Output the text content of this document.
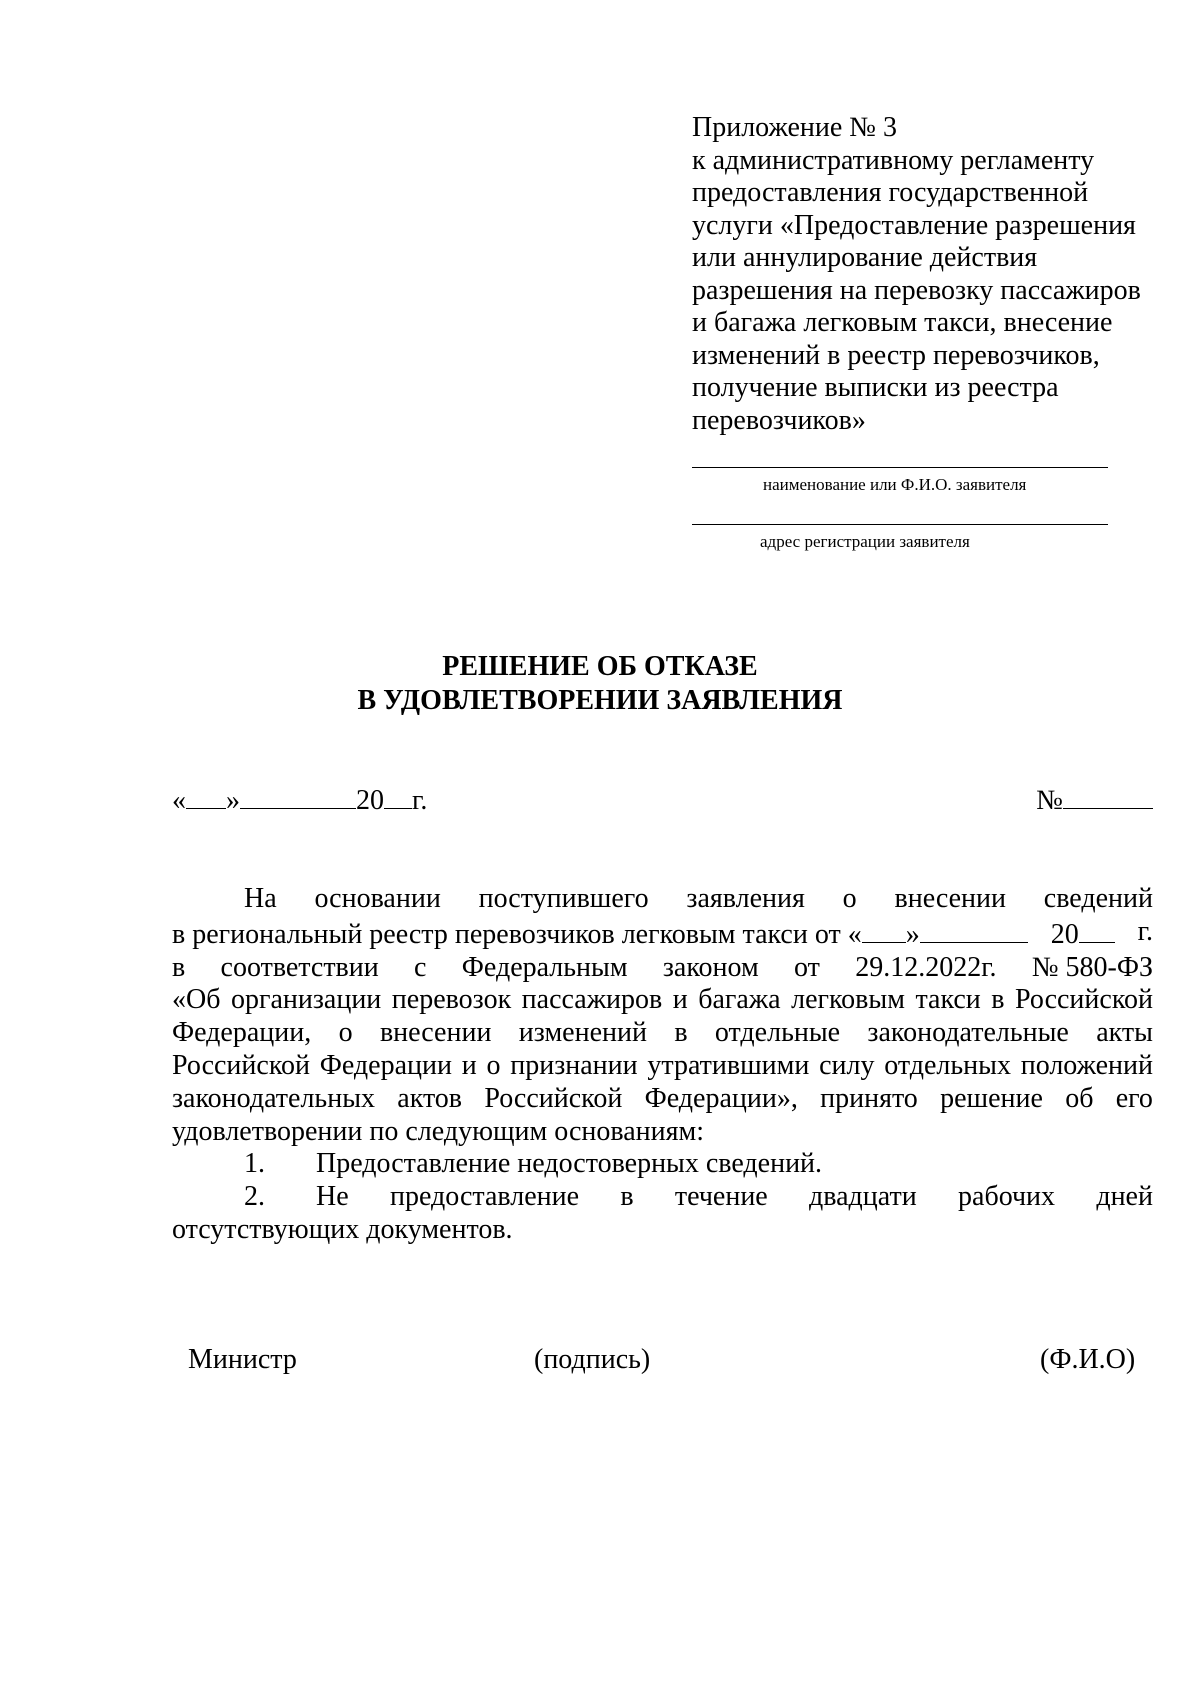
Приложение № 3
к административному регламенту
предоставления государственной
услуги «Предоставление разрешения
или аннулирование действия
разрешения на перевозку пассажиров
и багажа легковым такси, внесение
изменений в реестр перевозчиков,
получение выписки из реестра
перевозчиков»
наименование или Ф.И.О. заявителя
адрес регистрации заявителя
РЕШЕНИЕ ОБ ОТКАЗЕ
В УДОВЛЕТВОРЕНИИ ЗАЯВЛЕНИЯ
« »	20 г.	№
На основании поступившего заявления о внесении сведений
в региональный реестр перевозчиков легковым такси от « »	20	г.
в соответствии с Федеральным законом от 29.12.2022г. № 580-ФЗ
«Об организации перевозок пассажиров и багажа легковым такси в Российской
Федерации, о внесении изменений в отдельные законодательные акты
Российской Федерации и о признании утратившими силу отдельных положений
законодательных актов Российской Федерации», принято решение об его
удовлетворении по следующим основаниям:
1.	Предоставление недостоверных сведений.
2.	Не предоставление в течение двадцати рабочих дней
отсутствующих документов.
Министр	(подпись)	(Ф.И.О)
